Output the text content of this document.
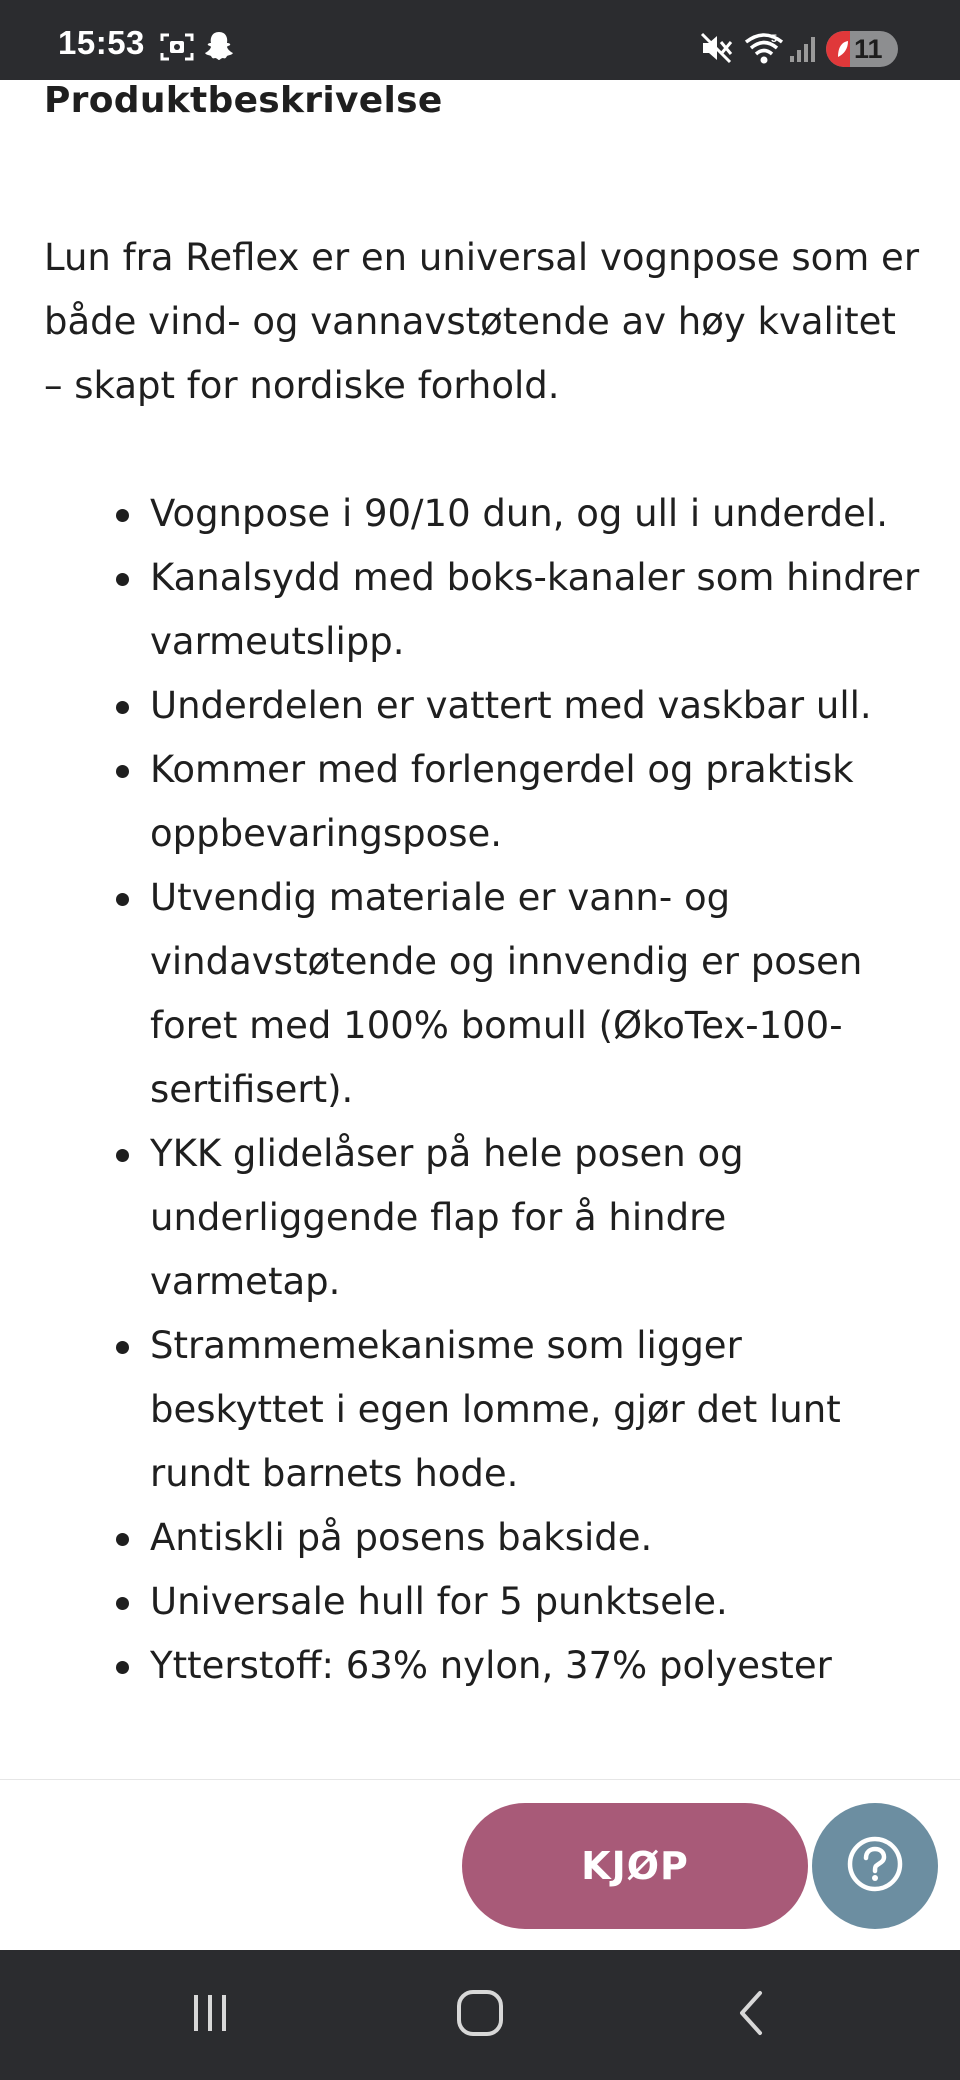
15:53	5	11
Produktbeskrivelse

Lun fra Reflex er en universal vognpose som er både vind- og vannavstøtende av høy kvalitet – skapt for nordiske forhold.

Vognpose i 90/10 dun, og ull i underdel.
Kanalsydd med boks-kanaler som hindrer varmeutslipp.
Underdelen er vattert med vaskbar ull.
Kommer med forlengerdel og praktisk oppbevaringspose.
Utvendig materiale er vann- og vindavstøtende og innvendig er posen foret med 100% bomull (ØkoTex-100-sertifisert).
YKK glidelåser på hele posen og underliggende flap for å hindre varmetap.
Strammemekanisme som ligger beskyttet i egen lomme, gjør det lunt rundt barnets hode.
Antiskli på posens bakside.
Universale hull for 5 punktsele.
Ytterstoff: 63% nylon, 37% polyester
KJØP
